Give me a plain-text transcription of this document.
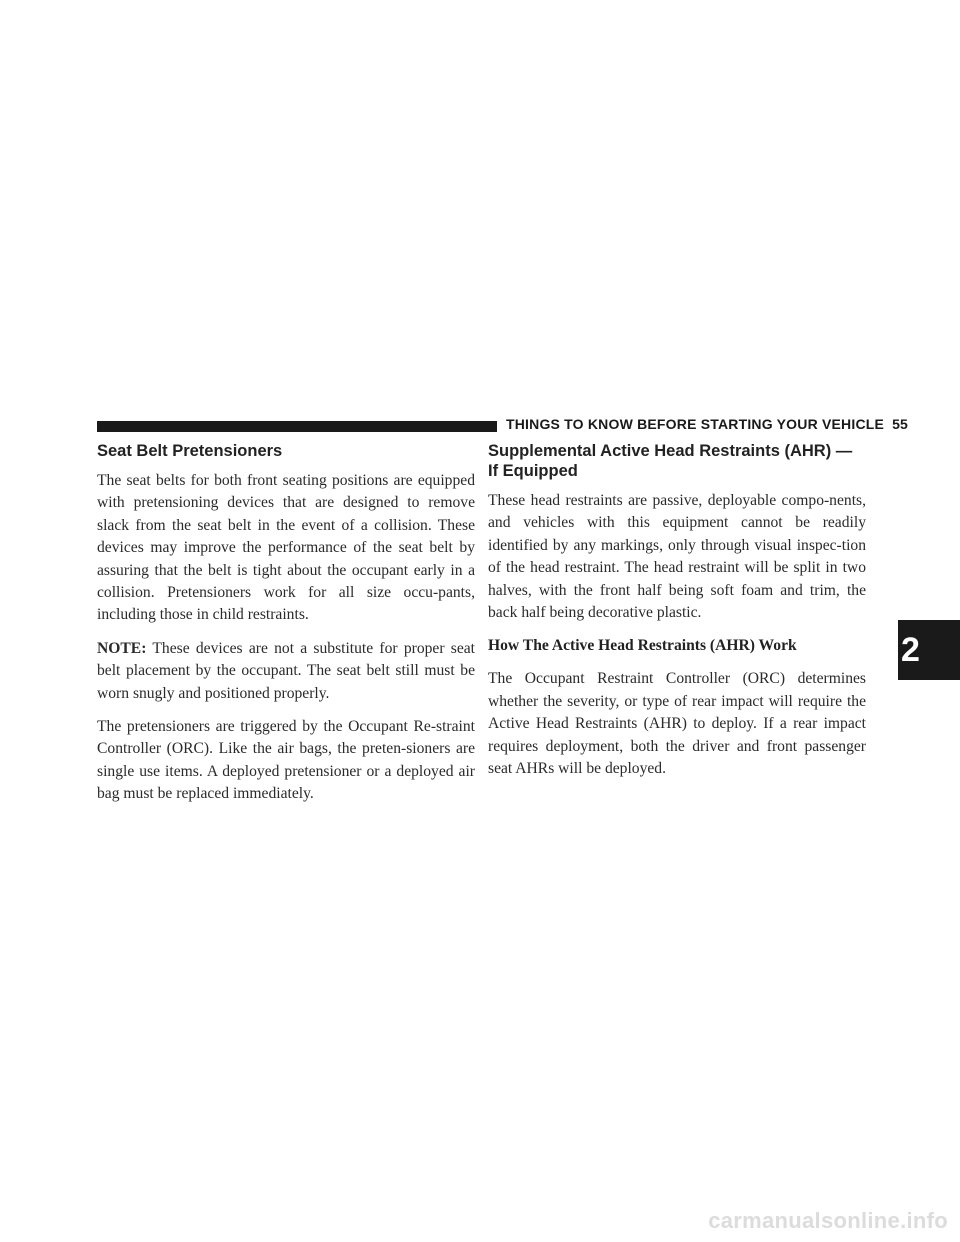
THINGS TO KNOW BEFORE STARTING YOUR VEHICLE 55
2
Seat Belt Pretensioners

The seat belts for both front seating positions are equipped with pretensioning devices that are designed to remove slack from the seat belt in the event of a collision. These devices may improve the performance of the seat belt by assuring that the belt is tight about the occupant early in a collision. Pretensioners work for all size occu-pants, including those in child restraints.

NOTE: These devices are not a substitute for proper seat belt placement by the occupant. The seat belt still must be worn snugly and positioned properly.

The pretensioners are triggered by the Occupant Re-straint Controller (ORC). Like the air bags, the preten-sioners are single use items. A deployed pretensioner or a deployed air bag must be replaced immediately.

Supplemental Active Head Restraints (AHR) — If Equipped

These head restraints are passive, deployable compo-nents, and vehicles with this equipment cannot be readily identified by any markings, only through visual inspec-tion of the head restraint. The head restraint will be split in two halves, with the front half being soft foam and trim, the back half being decorative plastic.

How The Active Head Restraints (AHR) Work

The Occupant Restraint Controller (ORC) determines whether the severity, or type of rear impact will require the Active Head Restraints (AHR) to deploy. If a rear impact requires deployment, both the driver and front passenger seat AHRs will be deployed.

carmanualsonline.info
